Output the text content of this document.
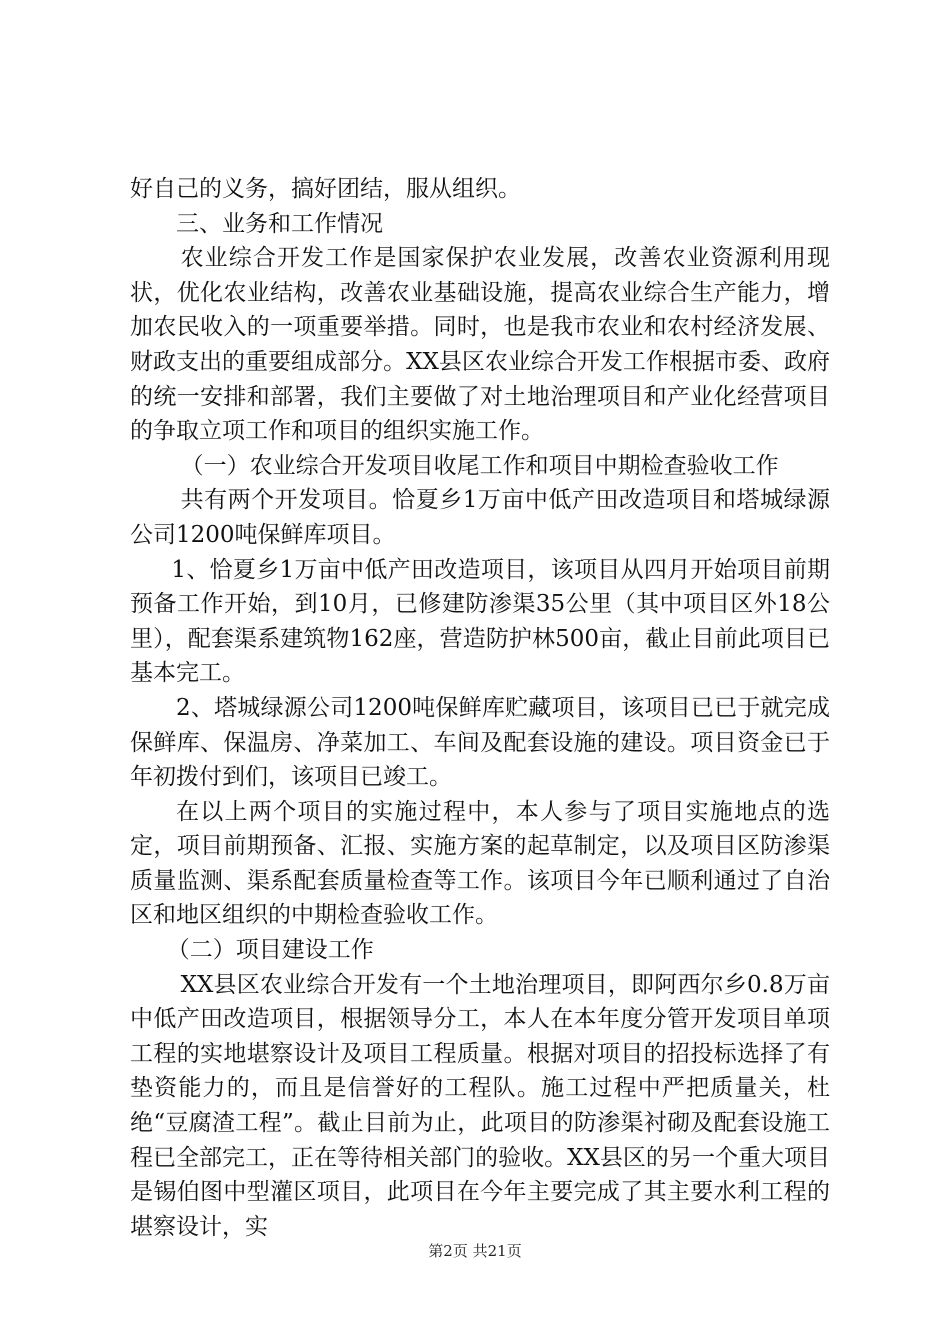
好自己的义务，搞好团结，服从组织。

三、业务和工作情况

农业综合开发工作是国家保护农业发展，改善农业资源利用现状，优化农业结构，改善农业基础设施，提高农业综合生产能力，增加农民收入的一项重要举措。同时，也是我市农业和农村经济发展、财政支出的重要组成部分。XX县区农业综合开发工作根据市委、政府的统一安排和部署，我们主要做了对土地治理项目和产业化经营项目的争取立项工作和项目的组织实施工作。

（一）农业综合开发项目收尾工作和项目中期检查验收工作

共有两个开发项目。恰夏乡1万亩中低产田改造项目和塔城绿源公司1200吨保鲜库项目。

1、恰夏乡1万亩中低产田改造项目，该项目从四月开始项目前期预备工作开始，到10月，已修建防渗渠35公里（其中项目区外18公里），配套渠系建筑物162座，营造防护林500亩，截止目前此项目已基本完工。

2、塔城绿源公司1200吨保鲜库贮藏项目，该项目已已于就完成保鲜库、保温房、净菜加工、车间及配套设施的建设。项目资金已于年初拨付到们，该项目已竣工。

在以上两个项目的实施过程中，本人参与了项目实施地点的选定，项目前期预备、汇报、实施方案的起草制定，以及项目区防渗渠质量监测、渠系配套质量检查等工作。该项目今年已顺利通过了自治区和地区组织的中期检查验收工作。

（二）项目建设工作

XX县区农业综合开发有一个土地治理项目，即阿西尔乡0.8万亩中低产田改造项目，根据领导分工，本人在本年度分管开发项目单项工程的实地堪察设计及项目工程质量。根据对项目的招投标选择了有垫资能力的，而且是信誉好的工程队。施工过程中严把质量关，杜绝“豆腐渣工程”。截止目前为止，此项目的防渗渠衬砌及配套设施工程已全部完工，正在等待相关部门的验收。XX县区的另一个重大项目是锡伯图中型灌区项目，此项目在今年主要完成了其主要水利工程的堪察设计，实

第2页 共21页
